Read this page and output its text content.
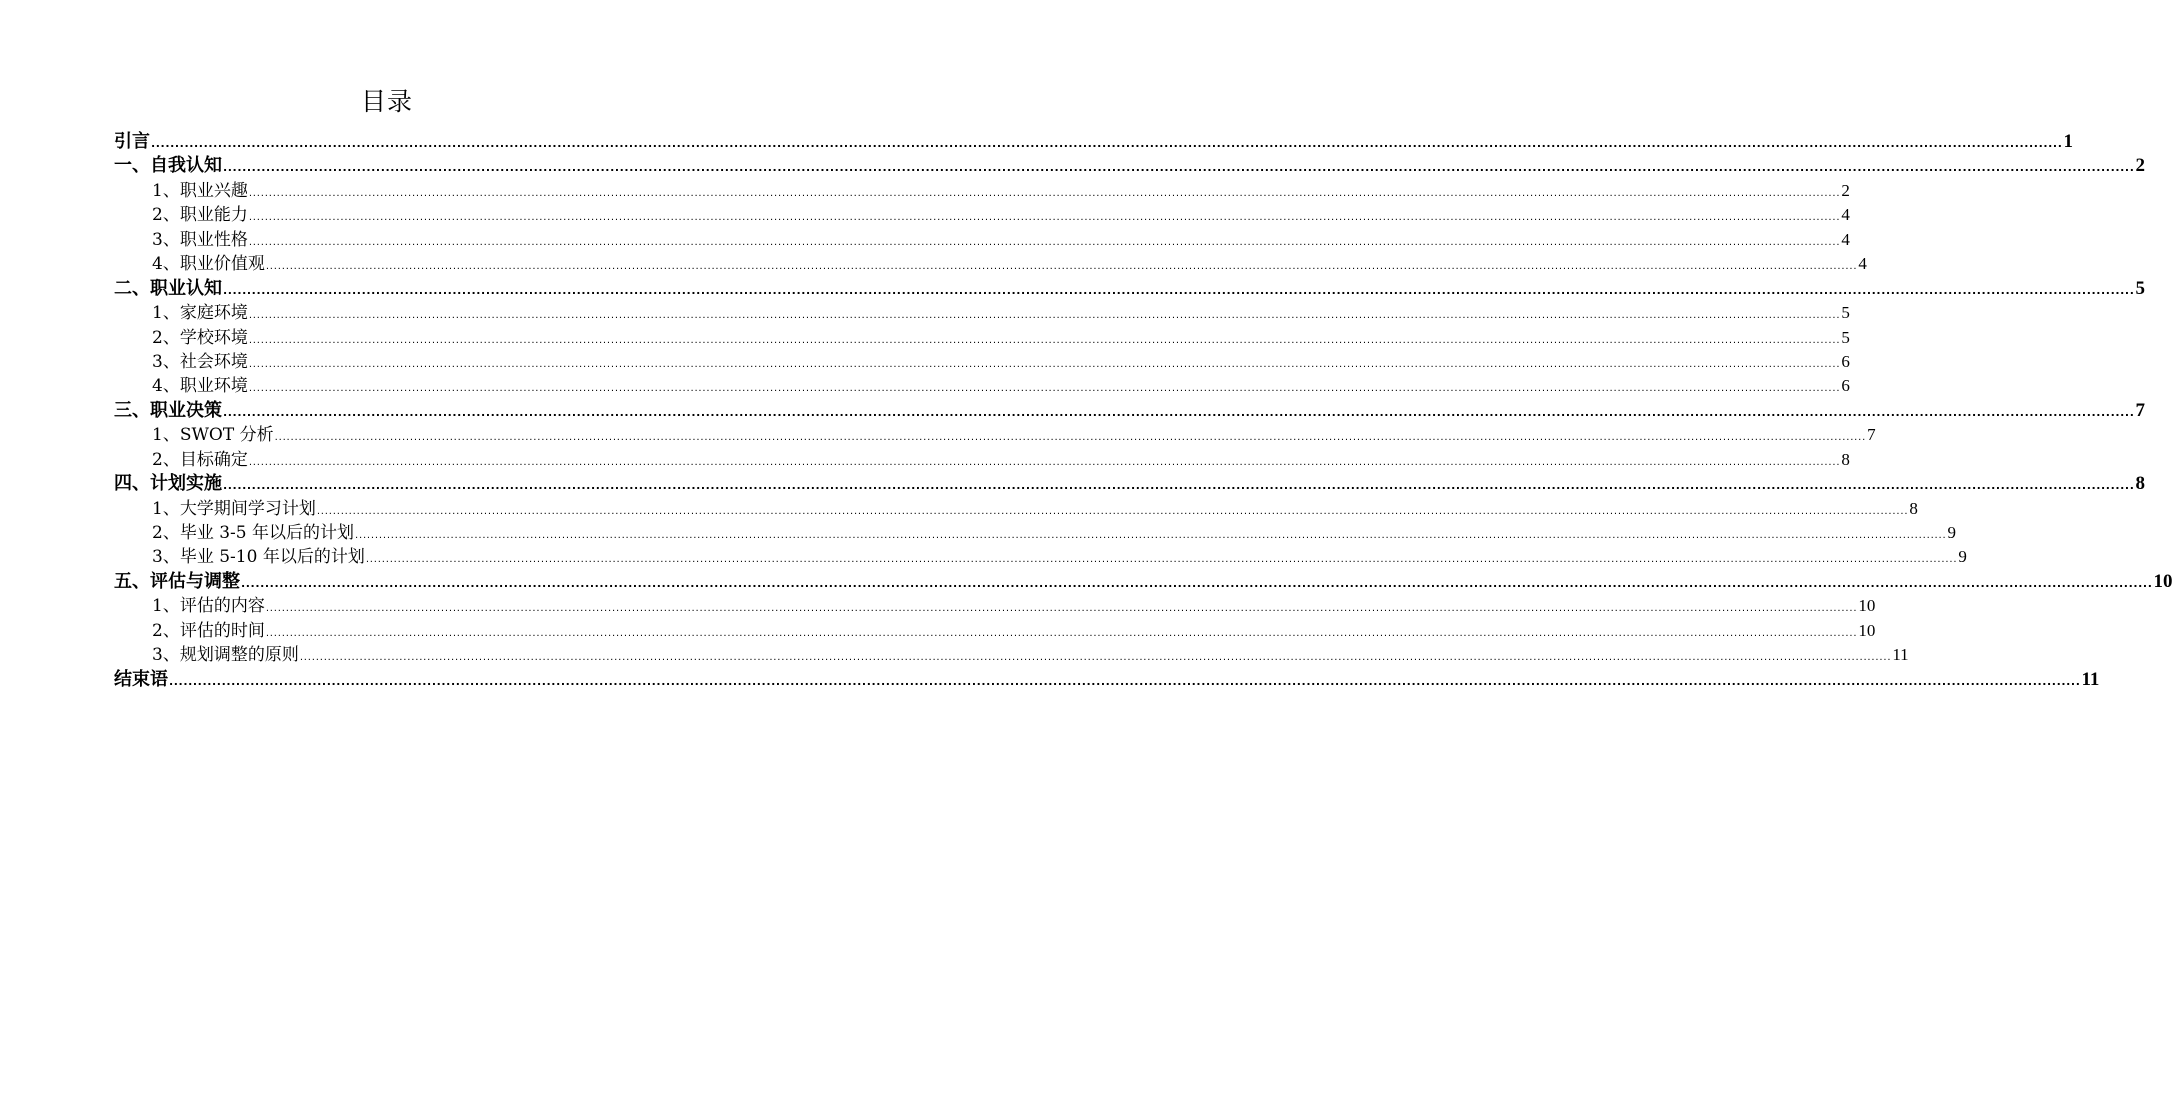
目录
引言 ................................................................................................................................................................................................................................................................................................................................................................................................................ 1
一、自我认知 ................................................................................................................................................................................................................................................................................................................................................................................................................ 2
1、职业兴趣 ................................................................................................................................................................................................................................................................................................................................................................................................................ 2
2、职业能力 ................................................................................................................................................................................................................................................................................................................................................................................................................ 4
3、职业性格 ................................................................................................................................................................................................................................................................................................................................................................................................................ 4
4、职业价值观 ................................................................................................................................................................................................................................................................................................................................................................................................................ 4
二、职业认知 ................................................................................................................................................................................................................................................................................................................................................................................................................ 5
1、家庭环境 ................................................................................................................................................................................................................................................................................................................................................................................................................ 5
2、学校环境 ................................................................................................................................................................................................................................................................................................................................................................................................................ 5
3、社会环境 ................................................................................................................................................................................................................................................................................................................................................................................................................ 6
4、职业环境 ................................................................................................................................................................................................................................................................................................................................................................................................................ 6
三、职业决策 ................................................................................................................................................................................................................................................................................................................................................................................................................ 7
1、SWOT 分析 ................................................................................................................................................................................................................................................................................................................................................................................................................ 7
2、目标确定 ................................................................................................................................................................................................................................................................................................................................................................................................................ 8
四、计划实施 ................................................................................................................................................................................................................................................................................................................................................................................................................ 8
1、大学期间学习计划 ................................................................................................................................................................................................................................................................................................................................................................................................................ 8
2、毕业 3-5 年以后的计划 ................................................................................................................................................................................................................................................................................................................................................................................................................ 9
3、毕业 5-10 年以后的计划 ................................................................................................................................................................................................................................................................................................................................................................................................................ 9
五、评估与调整 ................................................................................................................................................................................................................................................................................................................................................................................................................ 10
1、评估的内容 ................................................................................................................................................................................................................................................................................................................................................................................................................ 10
2、评估的时间 ................................................................................................................................................................................................................................................................................................................................................................................................................ 10
3、规划调整的原则 ................................................................................................................................................................................................................................................................................................................................................................................................................ 11
结束语 ................................................................................................................................................................................................................................................................................................................................................................................................................ 11
